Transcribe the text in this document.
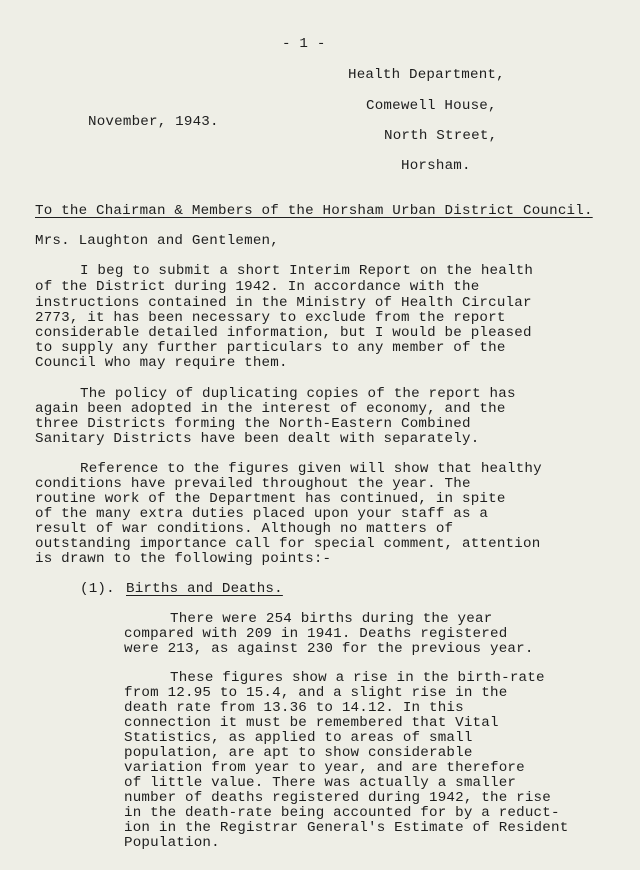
- 1 -
Health Department,
Comewell House,
North Street,
Horsham.
November, 1943.
To the Chairman & Members of the Horsham Urban District Council.
Mrs. Laughton and Gentlemen,
I beg to submit a short Interim Report on the health
of the District during 1942. In accordance with the
instructions contained in the Ministry of Health Circular
2773, it has been necessary to exclude from the report
considerable detailed information, but I would be pleased
to supply any further particulars to any member of the
Council who may require them.
The policy of duplicating copies of the report has
again been adopted in the interest of economy, and the
three Districts forming the North-Eastern Combined
Sanitary Districts have been dealt with separately.
Reference to the figures given will show that healthy
conditions have prevailed throughout the year. The
routine work of the Department has continued, in spite
of the many extra duties placed upon your staff as a
result of war conditions. Although no matters of
outstanding importance call for special comment, attention
is drawn to the following points:-
(1). Births and Deaths.
There were 254 births during the year
compared with 209 in 1941. Deaths registered
were 213, as against 230 for the previous year.
These figures show a rise in the birth-rate
from 12.95 to 15.4, and a slight rise in the
death rate from 13.36 to 14.12. In this
connection it must be remembered that Vital
Statistics, as applied to areas of small
population, are apt to show considerable
variation from year to year, and are therefore
of little value. There was actually a smaller
number of deaths registered during 1942, the rise
in the death-rate being accounted for by a reduct-
ion in the Registrar General's Estimate of Resident
Population.
